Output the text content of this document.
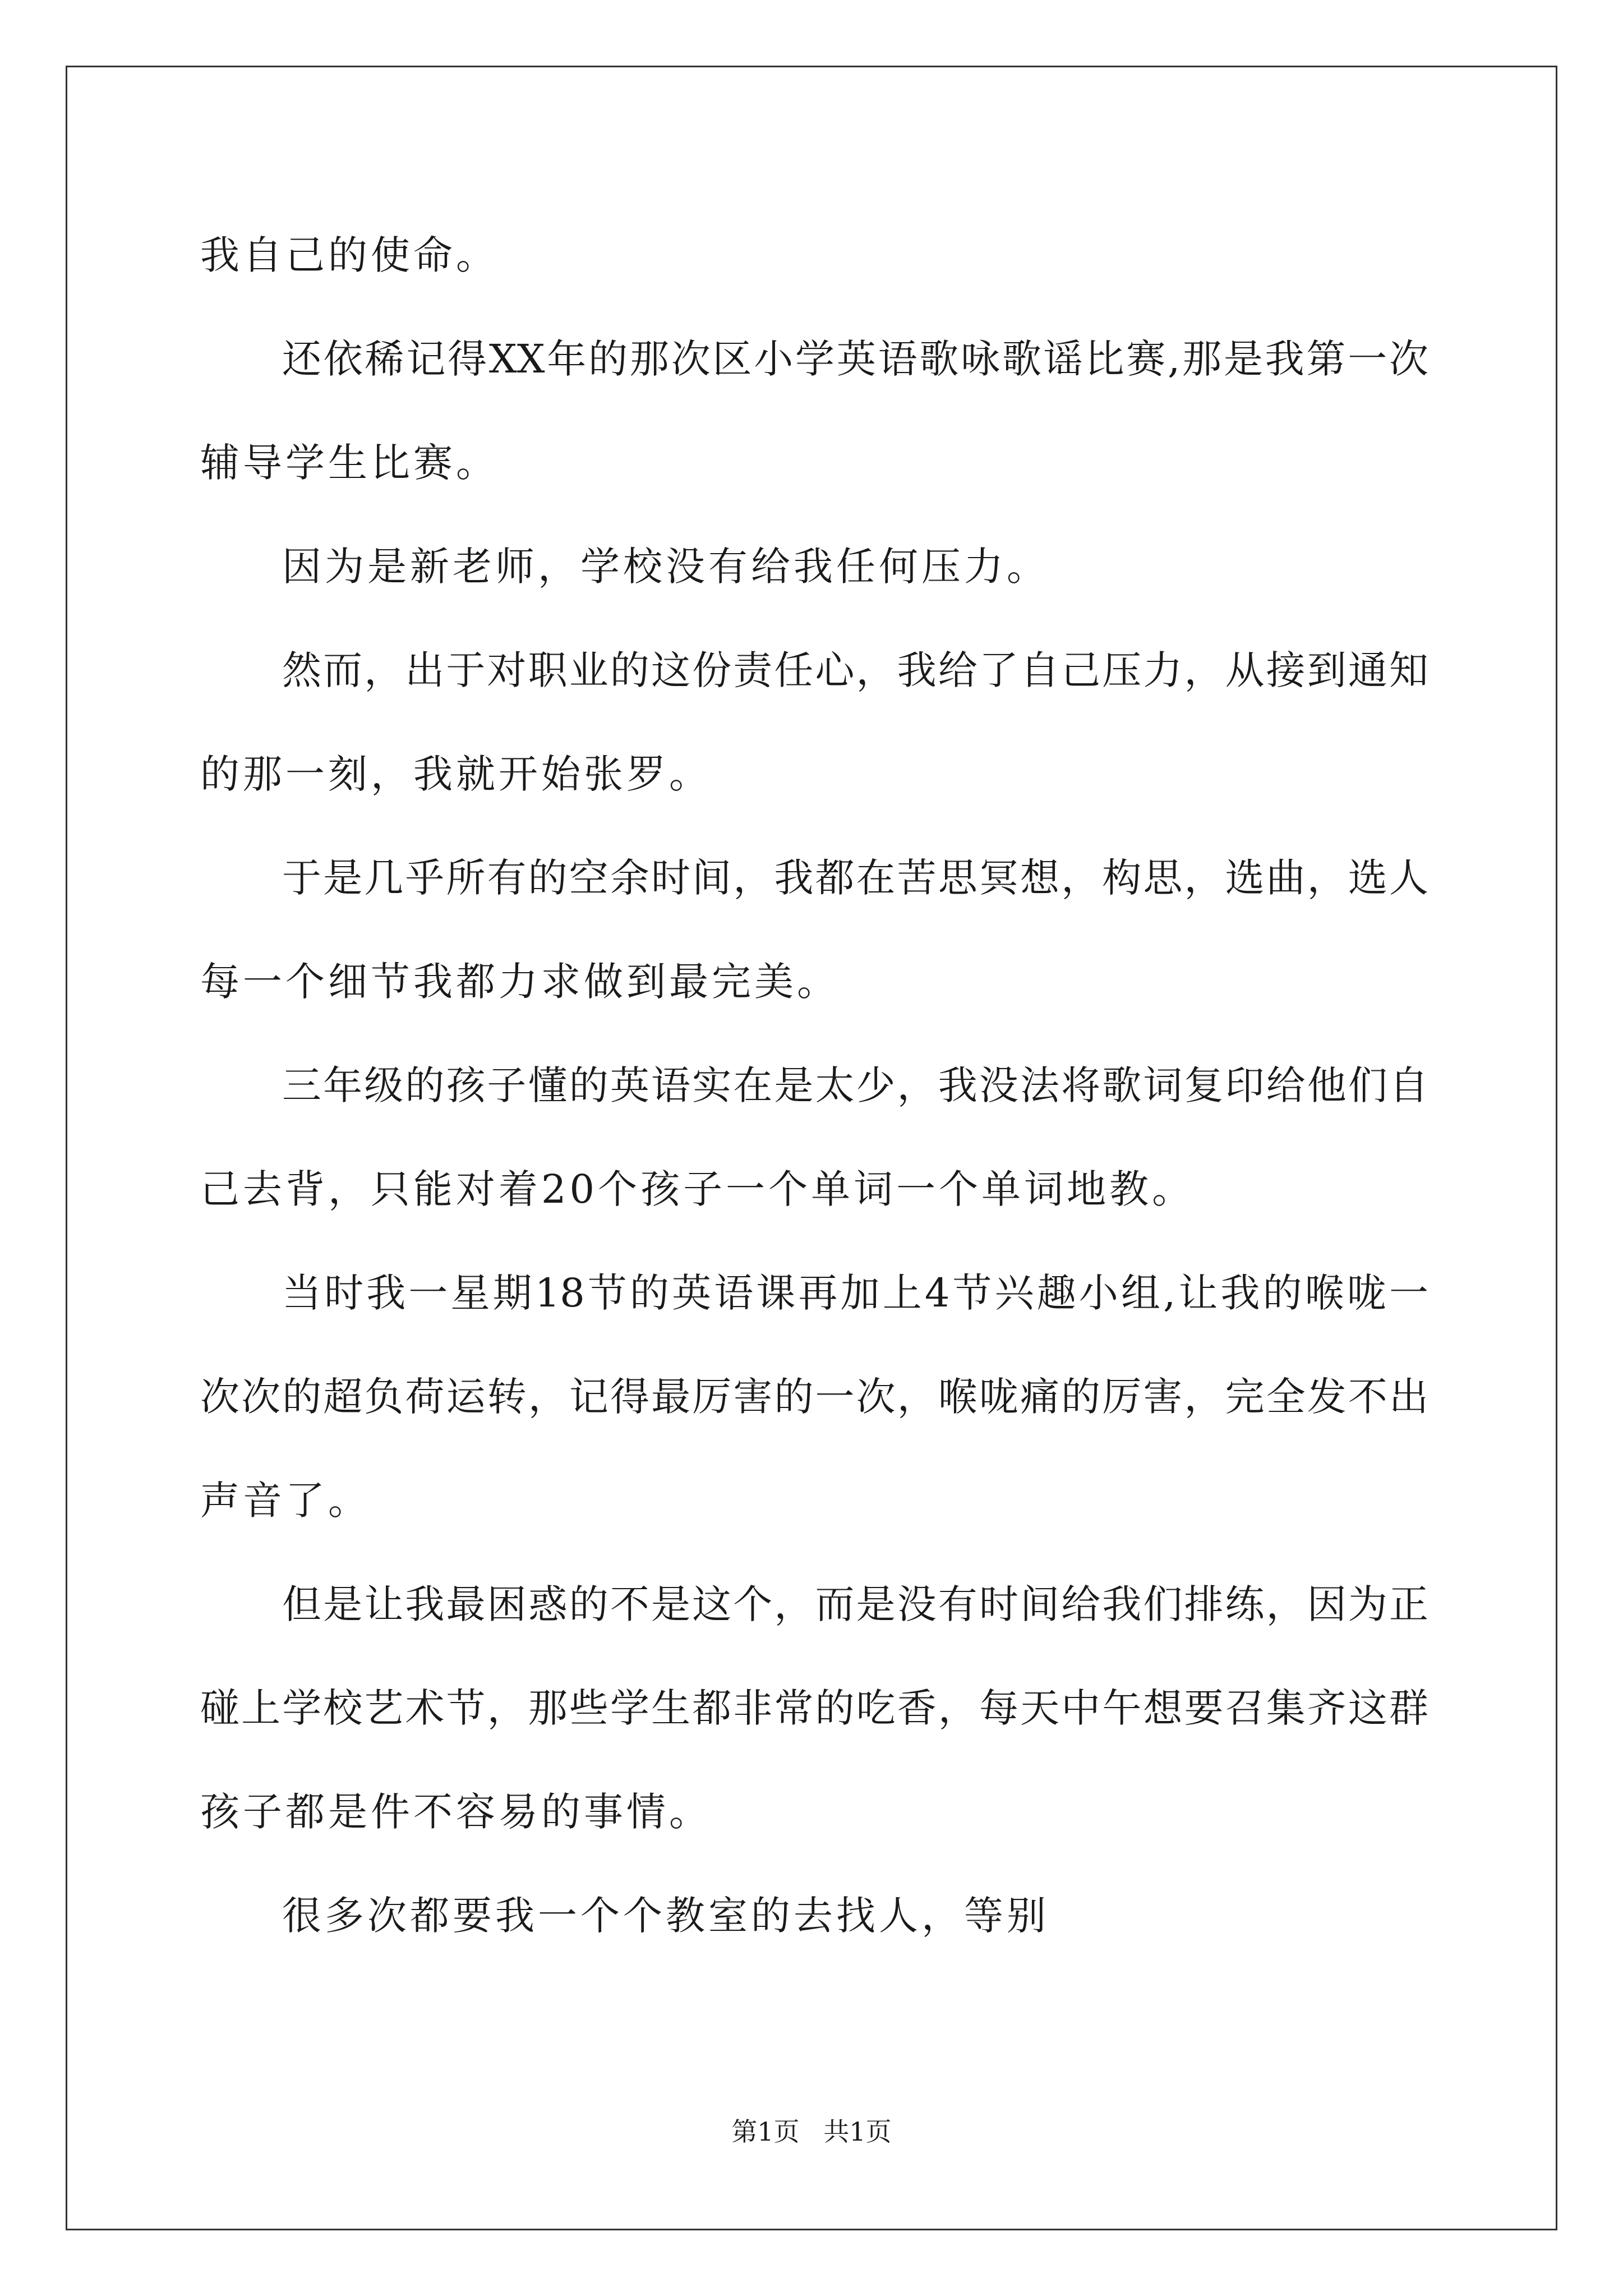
我自己的使命。
还依稀记得XX年的那次区小学英语歌咏歌谣比赛,那是我第一次
辅导学生比赛。
因为是新老师，学校没有给我任何压力。
然而，出于对职业的这份责任心，我给了自己压力，从接到通知
的那一刻，我就开始张罗。
于是几乎所有的空余时间，我都在苦思冥想，构思，选曲，选人
每一个细节我都力求做到最完美。
三年级的孩子懂的英语实在是太少，我没法将歌词复印给他们自
己去背，只能对着20个孩子一个单词一个单词地教。
当时我一星期18节的英语课再加上4节兴趣小组,让我的喉咙一
次次的超负荷运转，记得最厉害的一次，喉咙痛的厉害，完全发不出
声音了。
但是让我最困惑的不是这个，而是没有时间给我们排练，因为正
碰上学校艺术节，那些学生都非常的吃香，每天中午想要召集齐这群
孩子都是件不容易的事情。
很多次都要我一个个教室的去找人，等别
第1页 共1页
